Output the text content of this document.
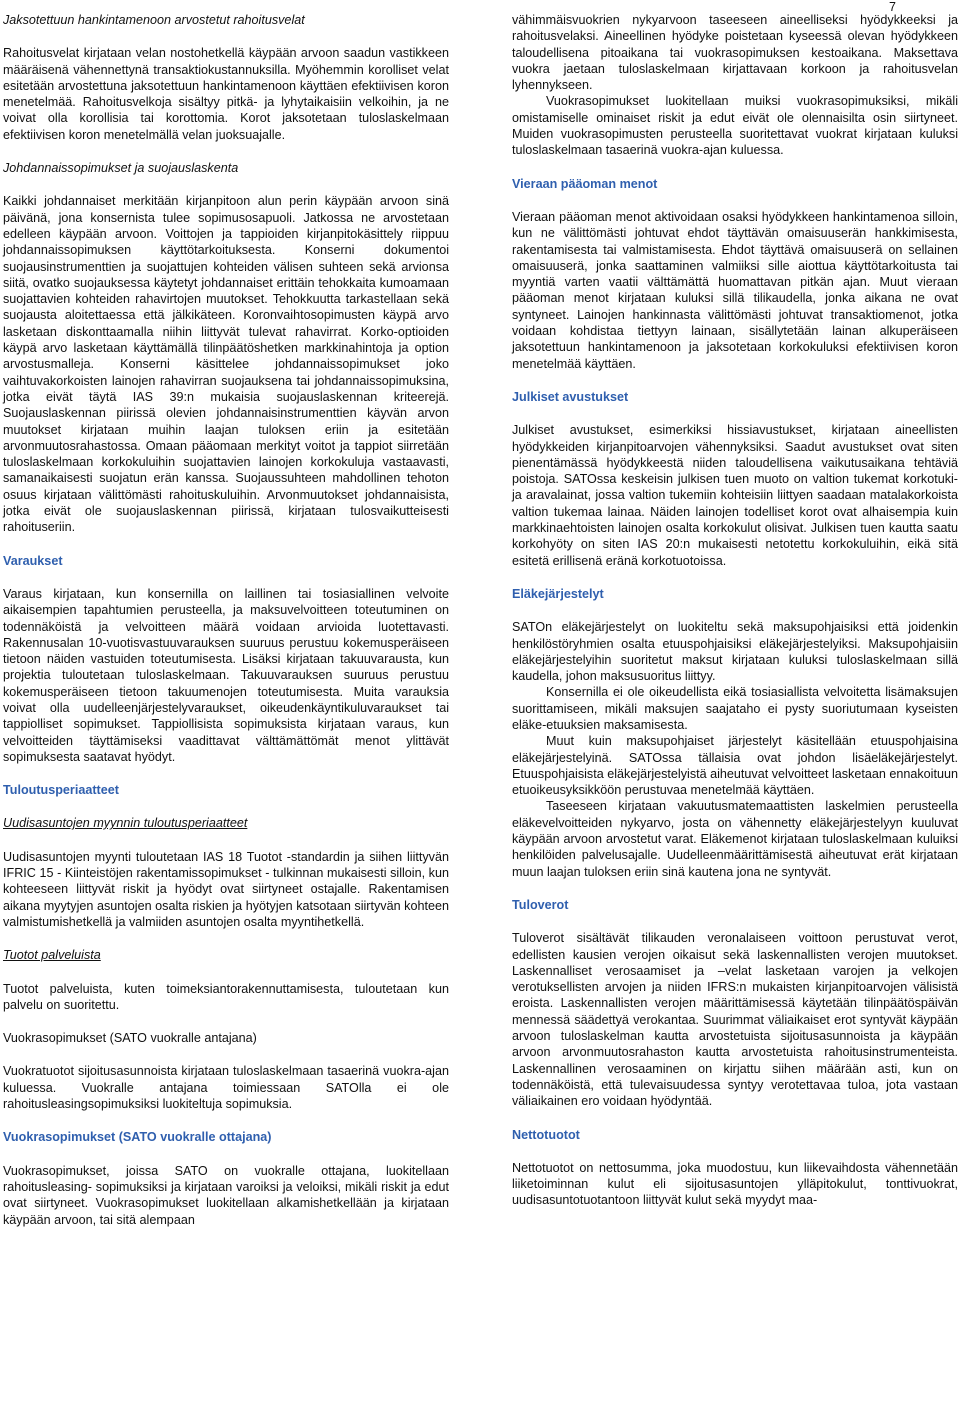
7
Jaksotettuun hankintamenoon arvostetut rahoitusvelat

Rahoitusvelat kirjataan velan nostohetkellä käypään arvoon saadun vastikkeen määräisenä vähennettynä transaktiokustannuksilla. Myöhemmin korolliset velat esitetään arvostettuna jaksotettuun hankintamenoon käyttäen efektiivisen koron menetelmää. Rahoitusvelkoja sisältyy pitkä- ja lyhytaikaisiin velkoihin, ja ne voivat olla korollisia tai korottomia. Korot jaksotetaan tuloslaskelmaan efektiivisen koron menetelmällä velan juoksuajalle.

Johdannaissopimukset ja suojauslaskenta

Kaikki johdannaiset merkitään kirjanpitoon alun perin käypään arvoon sinä päivänä, jona konsernista tulee sopimusosapuoli. Jatkossa ne arvostetaan edelleen käypään arvoon. Voittojen ja tappioiden kirjanpitokäsittely riippuu johdannaissopimuksen käyttötarkoituksesta. Konserni dokumentoi suojausinstrumenttien ja suojattujen kohteiden välisen suhteen sekä arvionsa siitä, ovatko suojauksessa käytetyt johdannaiset erittäin tehokkaita kumoamaan suojattavien kohteiden rahavirtojen muutokset. Tehokkuutta tarkastellaan sekä suojausta aloitettaessa että jälkikäteen. Koronvaihtosopimusten käypä arvo lasketaan diskonttaamalla niihin liittyvät tulevat rahavirrat. Korko-optioiden käypä arvo lasketaan käyttämällä tilinpäätöshetken markkinahintoja ja option arvostusmalleja. Konserni käsittelee johdannaissopimukset joko vaihtuvakorkoisten lainojen rahavirran suojauksena tai johdannaissopimuksina, jotka eivät täytä IAS 39:n mukaisia suojauslaskennan kriteerejä. Suojauslaskennan piirissä olevien johdannaisinstrumenttien käyvän arvon muutokset kirjataan muihin laajan tuloksen eriin ja esitetään arvonmuutosrahastossa. Omaan pääomaan merkityt voitot ja tappiot siirretään tuloslaskelmaan korkokuluihin suojattavien lainojen korkokuluja vastaavasti, samanaikaisesti suojatun erän kanssa. Suojaussuhteen mahdollinen tehoton osuus kirjataan välittömästi rahoituskuluihin. Arvonmuutokset johdannaisista, jotka eivät ole suojauslaskennan piirissä, kirjataan tulosvaikutteisesti rahoituseriin.

Varaukset

Varaus kirjataan, kun konsernilla on laillinen tai tosiasiallinen velvoite aikaisempien tapahtumien perusteella, ja maksuvelvoitteen toteutuminen on todennäköistä ja velvoitteen määrä voidaan arvioida luotettavasti. Rakennusalan 10-vuotisvastuuvarauksen suuruus perustuu kokemusperäiseen tietoon näiden vastuiden toteutumisesta. Lisäksi kirjataan takuuvarausta, kun projektia tuloutetaan tuloslaskelmaan. Takuuvarauksen suuruus perustuu kokemusperäiseen tietoon takuumenojen toteutumisesta. Muita varauksia voivat olla uudelleenjärjestelyvaraukset, oikeudenkäyntikuluvaraukset tai tappiolliset sopimukset. Tappiollisista sopimuksista kirjataan varaus, kun velvoitteiden täyttämiseksi vaadittavat välttämättömät menot ylittävät sopimuksesta saatavat hyödyt.

Tuloutusperiaatteet
Uudisasuntojen myynnin tuloutusperiaatteet

Uudisasuntojen myynti tuloutetaan IAS 18 Tuotot -standardin ja siihen liittyvän IFRIC 15 - Kiinteistöjen rakentamissopimukset - tulkinnan mukaisesti silloin, kun kohteeseen liittyvät riskit ja hyödyt ovat siirtyneet ostajalle. Rakentamisen aikana myytyjen asuntojen osalta riskien ja hyötyjen katsotaan siirtyvän kohteen valmistumishetkellä ja valmiiden asuntojen osalta myyntihetkellä.

Tuotot palveluista

Tuotot palveluista, kuten toimeksiantorakennuttamisesta, tuloutetaan kun palvelu on suoritettu.

Vuokrasopimukset (SATO vuokralle antajana)

Vuokratuotot sijoitusasunnoista kirjataan tuloslaskelmaan tasaerinä vuokra-ajan kuluessa. Vuokralle antajana toimiessaan SATOlla ei ole rahoitusleasingsopimuksiksi luokiteltuja sopimuksia.

Vuokrasopimukset (SATO vuokralle ottajana)

Vuokrasopimukset, joissa SATO on vuokralle ottajana, luokitellaan rahoitusleasing- sopimuksiksi ja kirjataan varoiksi ja veloiksi, mikäli riskit ja edut ovat siirtyneet. Vuokrasopimukset luokitellaan alkamishetkellään ja kirjataan käypään arvoon, tai sitä alempaan

vähimmäisvuokrien nykyarvoon taseeseen aineelliseksi hyödykkeeksi ja rahoitusvelaksi. Aineellinen hyödyke poistetaan kyseessä olevan hyödykkeen taloudellisena pitoaikana tai vuokrasopimuksen kestoaikana. Maksettava vuokra jaetaan tuloslaskelmaan kirjattavaan korkoon ja rahoitusvelan lyhennykseen.

Vuokrasopimukset luokitellaan muiksi vuokrasopimuksiksi, mikäli omistamiselle ominaiset riskit ja edut eivät ole olennaisilta osin siirtyneet. Muiden vuokrasopimusten perusteella suoritettavat vuokrat kirjataan kuluksi tuloslaskelmaan tasaerinä vuokra-ajan kuluessa.

Vieraan pääoman menot

Vieraan pääoman menot aktivoidaan osaksi hyödykkeen hankintamenoa silloin, kun ne välittömästi johtuvat ehdot täyttävän omaisuuserän hankkimisesta, rakentamisesta tai valmistamisesta. Ehdot täyttävä omaisuuserä on sellainen omaisuuserä, jonka saattaminen valmiiksi sille aiottua käyttötarkoitusta tai myyntiä varten vaatii välttämättä huomattavan pitkän ajan. Muut vieraan pääoman menot kirjataan kuluksi sillä tilikaudella, jonka aikana ne ovat syntyneet. Lainojen hankinnasta välittömästi johtuvat transaktiomenot, jotka voidaan kohdistaa tiettyyn lainaan, sisällytetään lainan alkuperäiseen jaksotettuun hankintamenoon ja jaksotetaan korkokuluksi efektiivisen koron menetelmää käyttäen.

Julkiset avustukset

Julkiset avustukset, esimerkiksi hissiavustukset, kirjataan aineellisten hyödykkeiden kirjanpitoarvojen vähennyksiksi. Saadut avustukset ovat siten pienentämässä hyödykkeestä niiden taloudellisena vaikutusaikana tehtäviä poistoja. SATOssa keskeisin julkisen tuen muoto on valtion tukemat korkotuki- ja aravalainat, jossa valtion tukemiin kohteisiin liittyen saadaan matalakorkoista valtion tukemaa lainaa. Näiden lainojen todelliset korot ovat alhaisempia kuin markkinaehtoisten lainojen osalta korkokulut olisivat. Julkisen tuen kautta saatu korkohyöty on siten IAS 20:n mukaisesti netotettu korkokuluihin, eikä sitä esitetä erillisenä eränä korkotuotoissa.

Eläkejärjestelyt

SATOn eläkejärjestelyt on luokiteltu sekä maksupohjaisiksi että joidenkin henkilöstöryhmien osalta etuuspohjaisiksi eläkejärjestelyiksi. Maksupohjaisiin eläkejärjestelyihin suoritetut maksut kirjataan kuluksi tuloslaskelmaan sillä kaudella, johon maksusuoritus liittyy.

Konsernilla ei ole oikeudellista eikä tosiasiallista velvoitetta lisämaksujen suorittamiseen, mikäli maksujen saajataho ei pysty suoriutumaan kyseisten eläke-etuuksien maksamisesta.

Muut kuin maksupohjaiset järjestelyt käsitellään etuuspohjaisina eläkejärjestelyinä. SATOssa tällaisia ovat johdon lisäeläkejärjestelyt. Etuuspohjaisista eläkejärjestelyistä aiheutuvat velvoitteet lasketaan ennakoituun etuoikeusyksikköön perustuvaa menetelmää käyttäen.

Taseeseen kirjataan vakuutusmatemaattisten laskelmien perusteella eläkevelvoitteiden nykyarvo, josta on vähennetty eläkejärjestelyyn kuuluvat käypään arvoon arvostetut varat. Eläkemenot kirjataan tuloslaskelmaan kuluiksi henkilöiden palvelusajalle. Uudelleenmäärittämisestä aiheutuvat erät kirjataan muun laajan tuloksen eriin sinä kautena jona ne syntyvät.

Tuloverot

Tuloverot sisältävät tilikauden veronalaiseen voittoon perustuvat verot, edellisten kausien verojen oikaisut sekä laskennallisten verojen muutokset. Laskennalliset verosaamiset ja –velat lasketaan varojen ja velkojen verotuksellisten arvojen ja niiden IFRS:n mukaisten kirjanpitoarvojen välisistä eroista. Laskennallisten verojen määrittämisessä käytetään tilinpäätöspäivän mennessä säädettyä verokantaa. Suurimmat väliaikaiset erot syntyvät käypään arvoon tuloslaskelman kautta arvostetuista sijoitusasunnoista ja käypään arvoon arvonmuutosrahaston kautta arvostetuista rahoitusinstrumenteista. Laskennallinen verosaaminen on kirjattu siihen määrään asti, kun on todennäköistä, että tulevaisuudessa syntyy verotettavaa tuloa, jota vastaan väliaikainen ero voidaan hyödyntää.

Nettotuotot

Nettotuotot on nettosumma, joka muodostuu, kun liikevaihdosta vähennetään liiketoiminnan kulut eli sijoitusasuntojen ylläpitokulut, tonttivuokrat, uudisasuntotuotantoon liittyvät kulut sekä myydyt maa-
